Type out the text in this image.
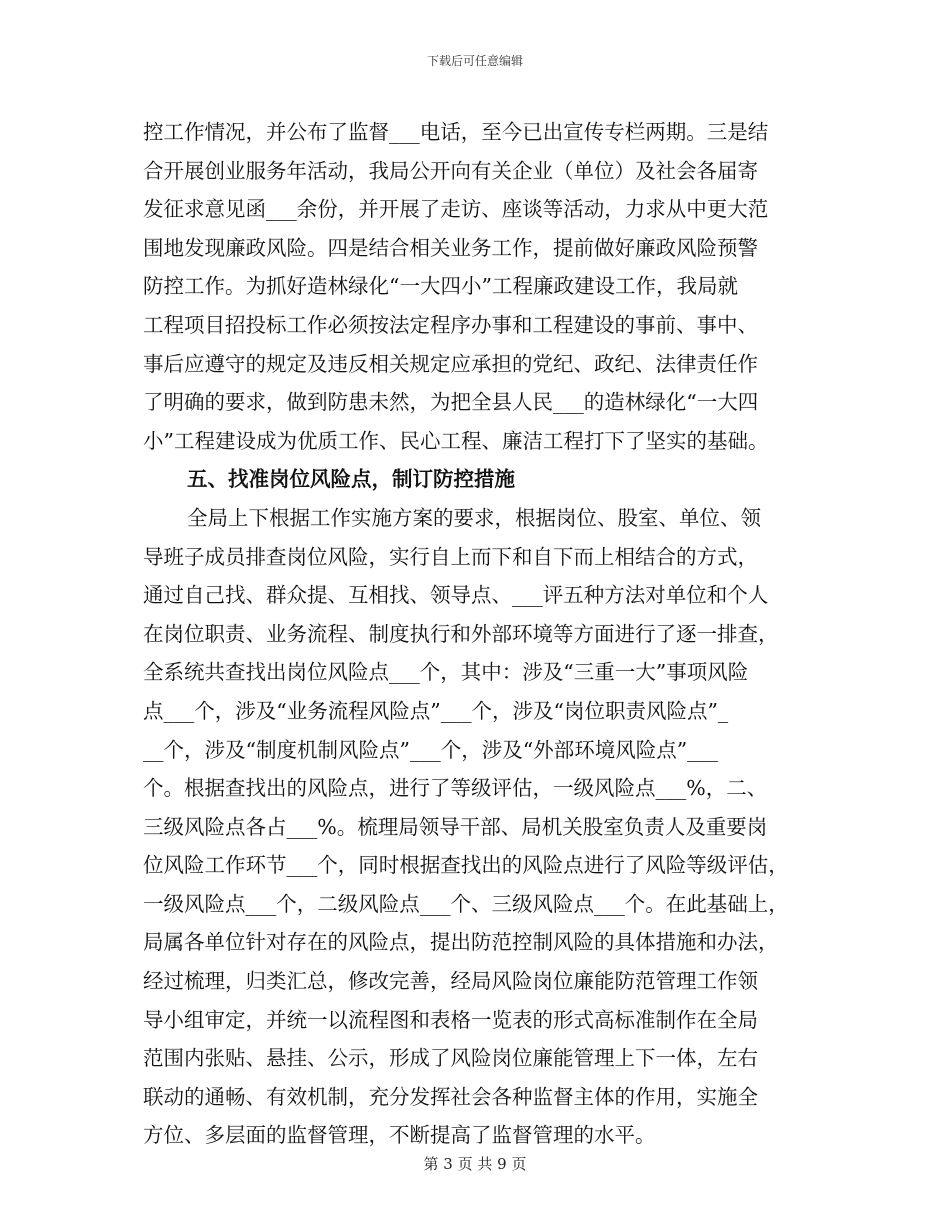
下载后可任意编辑
控工作情况，并公布了监督___电话，至今已出宣传专栏两期。三是结
合开展创业服务年活动，我局公开向有关企业（单位）及社会各届寄
发征求意见函___余份，并开展了走访、座谈等活动，力求从中更大范
围地发现廉政风险。四是结合相关业务工作，提前做好廉政风险预警
防控工作。为抓好造林绿化“一大四小”工程廉政建设工作，我局就
工程项目招投标工作必须按法定程序办事和工程建设的事前、事中、
事后应遵守的规定及违反相关规定应承担的党纪、政纪、法律责任作
了明确的要求，做到防患未然，为把全县人民___的造林绿化“一大四
小”工程建设成为优质工作、民心工程、廉洁工程打下了坚实的基础。
五、找准岗位风险点，制订防控措施
全局上下根据工作实施方案的要求，根据岗位、股室、单位、领
导班子成员排查岗位风险，实行自上而下和自下而上相结合的方式，
通过自己找、群众提、互相找、领导点、___评五种方法对单位和个人
在岗位职责、业务流程、制度执行和外部环境等方面进行了逐一排查，
全系统共查找出岗位风险点___个，其中：涉及“三重一大”事项风险
点___个，涉及“业务流程风险点”___个，涉及“岗位职责风险点”_
__个，涉及“制度机制风险点”___个，涉及“外部环境风险点”___
个。根据查找出的风险点，进行了等级评估，一级风险点___%，二、
三级风险点各占___%。梳理局领导干部、局机关股室负责人及重要岗
位风险工作环节___个，同时根据查找出的风险点进行了风险等级评估，
一级风险点___个，二级风险点___个、三级风险点___个。在此基础上，
局属各单位针对存在的风险点，提出防范控制风险的具体措施和办法，
经过梳理，归类汇总，修改完善，经局风险岗位廉能防范管理工作领
导小组审定，并统一以流程图和表格一览表的形式高标准制作在全局
范围内张贴、悬挂、公示，形成了风险岗位廉能管理上下一体，左右
联动的通畅、有效机制，充分发挥社会各种监督主体的作用，实施全
方位、多层面的监督管理，不断提高了监督管理的水平。
第 3 页 共 9 页
